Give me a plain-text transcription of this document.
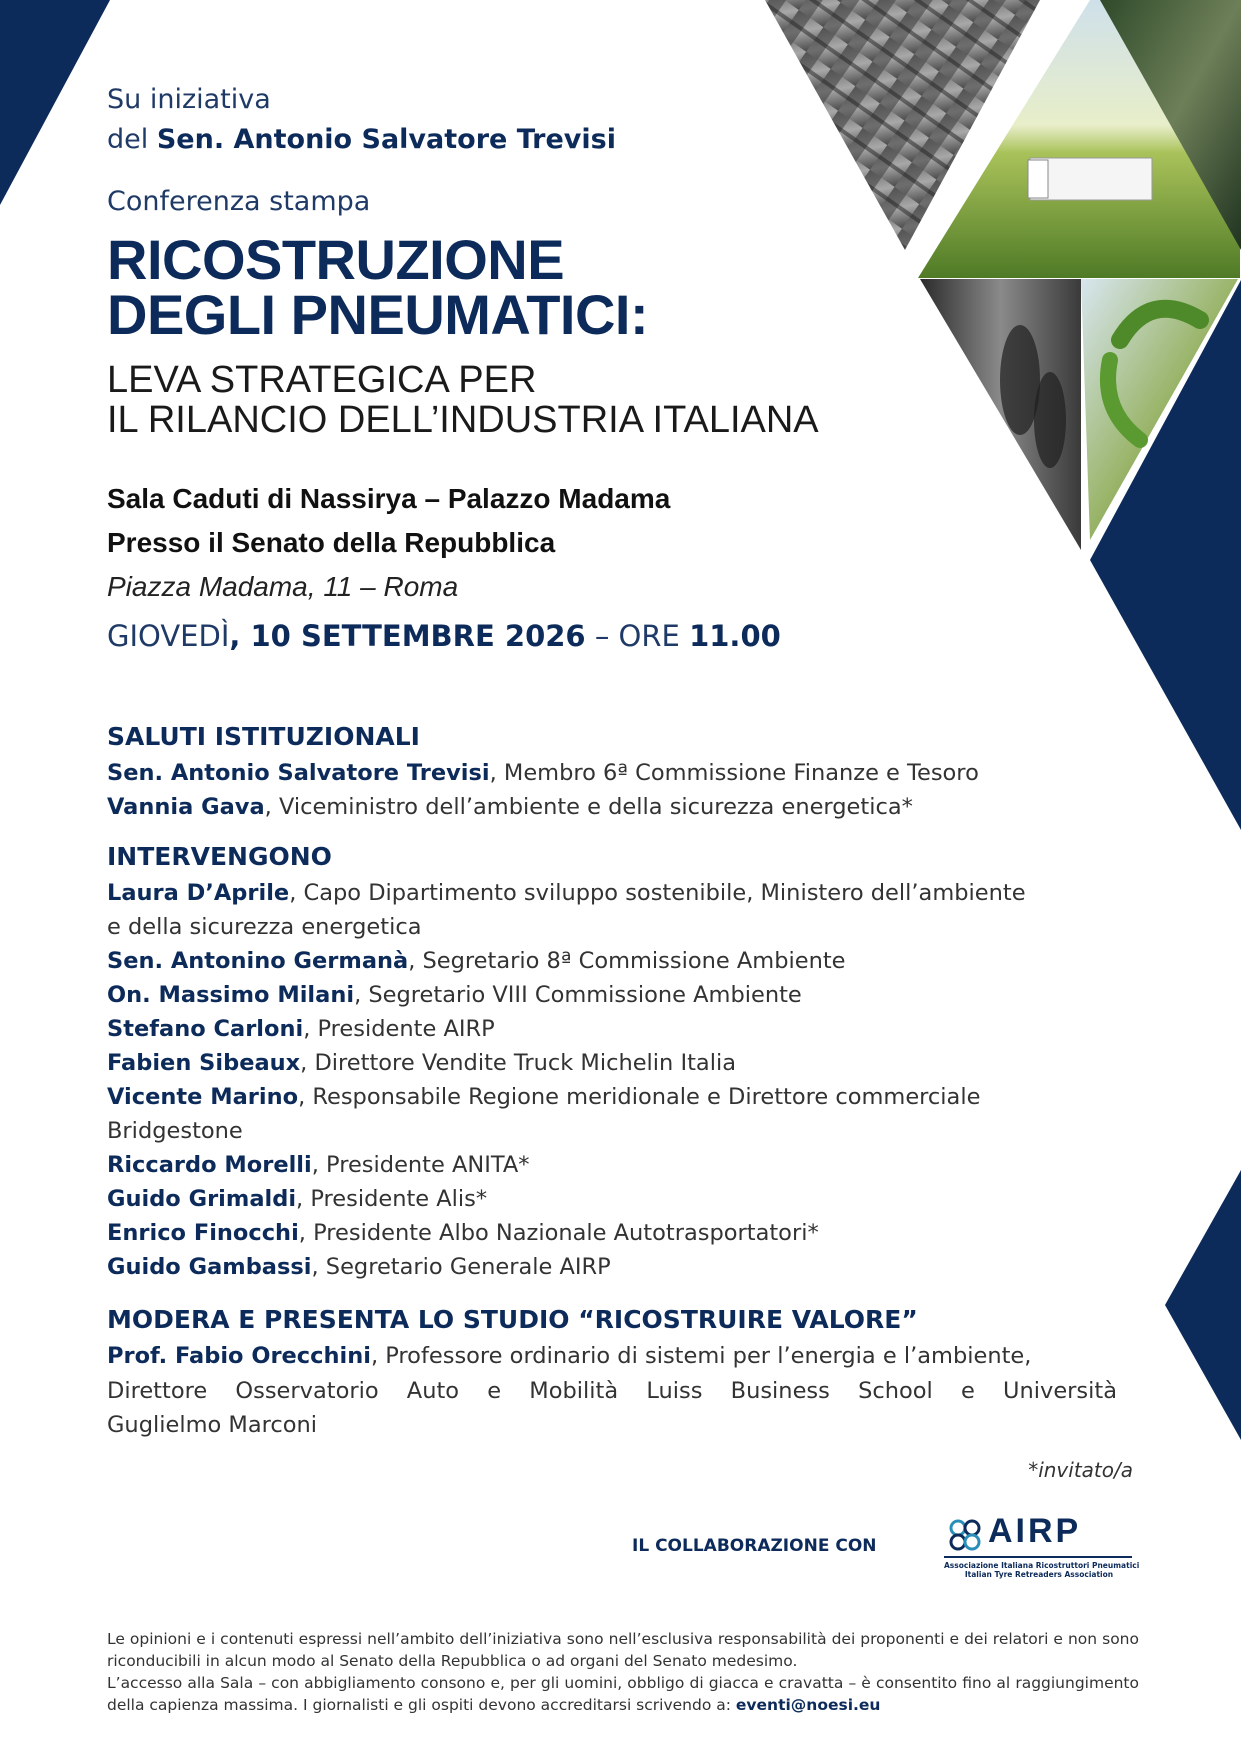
Su iniziativa
del Sen. Antonio Salvatore Trevisi
Conferenza stampa
RICOSTRUZIONE
DEGLI PNEUMATICI:
LEVA STRATEGICA PER
IL RILANCIO DELL’INDUSTRIA ITALIANA
Sala Caduti di Nassirya – Palazzo Madama
Presso il Senato della Repubblica
Piazza Madama, 11 – Roma
GIOVEDÌ, 10 SETTEMBRE 2026 – ORE 11.00
SALUTI ISTITUZIONALI
Sen. Antonio Salvatore Trevisi, Membro 6ª Commissione Finanze e Tesoro
Vannia Gava, Viceministro dell’ambiente e della sicurezza energetica*
INTERVENGONO
Laura D’Aprile, Capo Dipartimento sviluppo sostenibile, Ministero dell’ambiente
e della sicurezza energetica
Sen. Antonino Germanà, Segretario 8ª Commissione Ambiente
On. Massimo Milani, Segretario VIII Commissione Ambiente
Stefano Carloni, Presidente AIRP
Fabien Sibeaux, Direttore Vendite Truck Michelin Italia
Vicente Marino, Responsabile Regione meridionale e Direttore commerciale
Bridgestone
Riccardo Morelli, Presidente ANITA*
Guido Grimaldi, Presidente Alis*
Enrico Finocchi, Presidente Albo Nazionale Autotrasportatori*
Guido Gambassi, Segretario Generale AIRP
MODERA E PRESENTA LO STUDIO “RICOSTRUIRE VALORE”
Prof. Fabio Orecchini, Professore ordinario di sistemi per l’energia e l’ambiente,
Direttore Osservatorio Auto e Mobilità Luiss Business School e Università
Guglielmo Marconi
*invitato/a
IL COLLABORAZIONE CON	AIRP
Associazione Italiana Ricostruttori Pneumatici
Italian Tyre Retreaders Association
Le opinioni e i contenuti espressi nell’ambito dell’iniziativa sono nell’esclusiva responsabilità dei proponenti e dei relatori e non sono riconducibili in alcun modo al Senato della Repubblica o ad organi del Senato medesimo.
L’accesso alla Sala – con abbigliamento consono e, per gli uomini, obbligo di giacca e cravatta – è consentito fino al raggiungimento della capienza massima. I giornalisti e gli ospiti devono accreditarsi scrivendo a: eventi@noesi.eu
